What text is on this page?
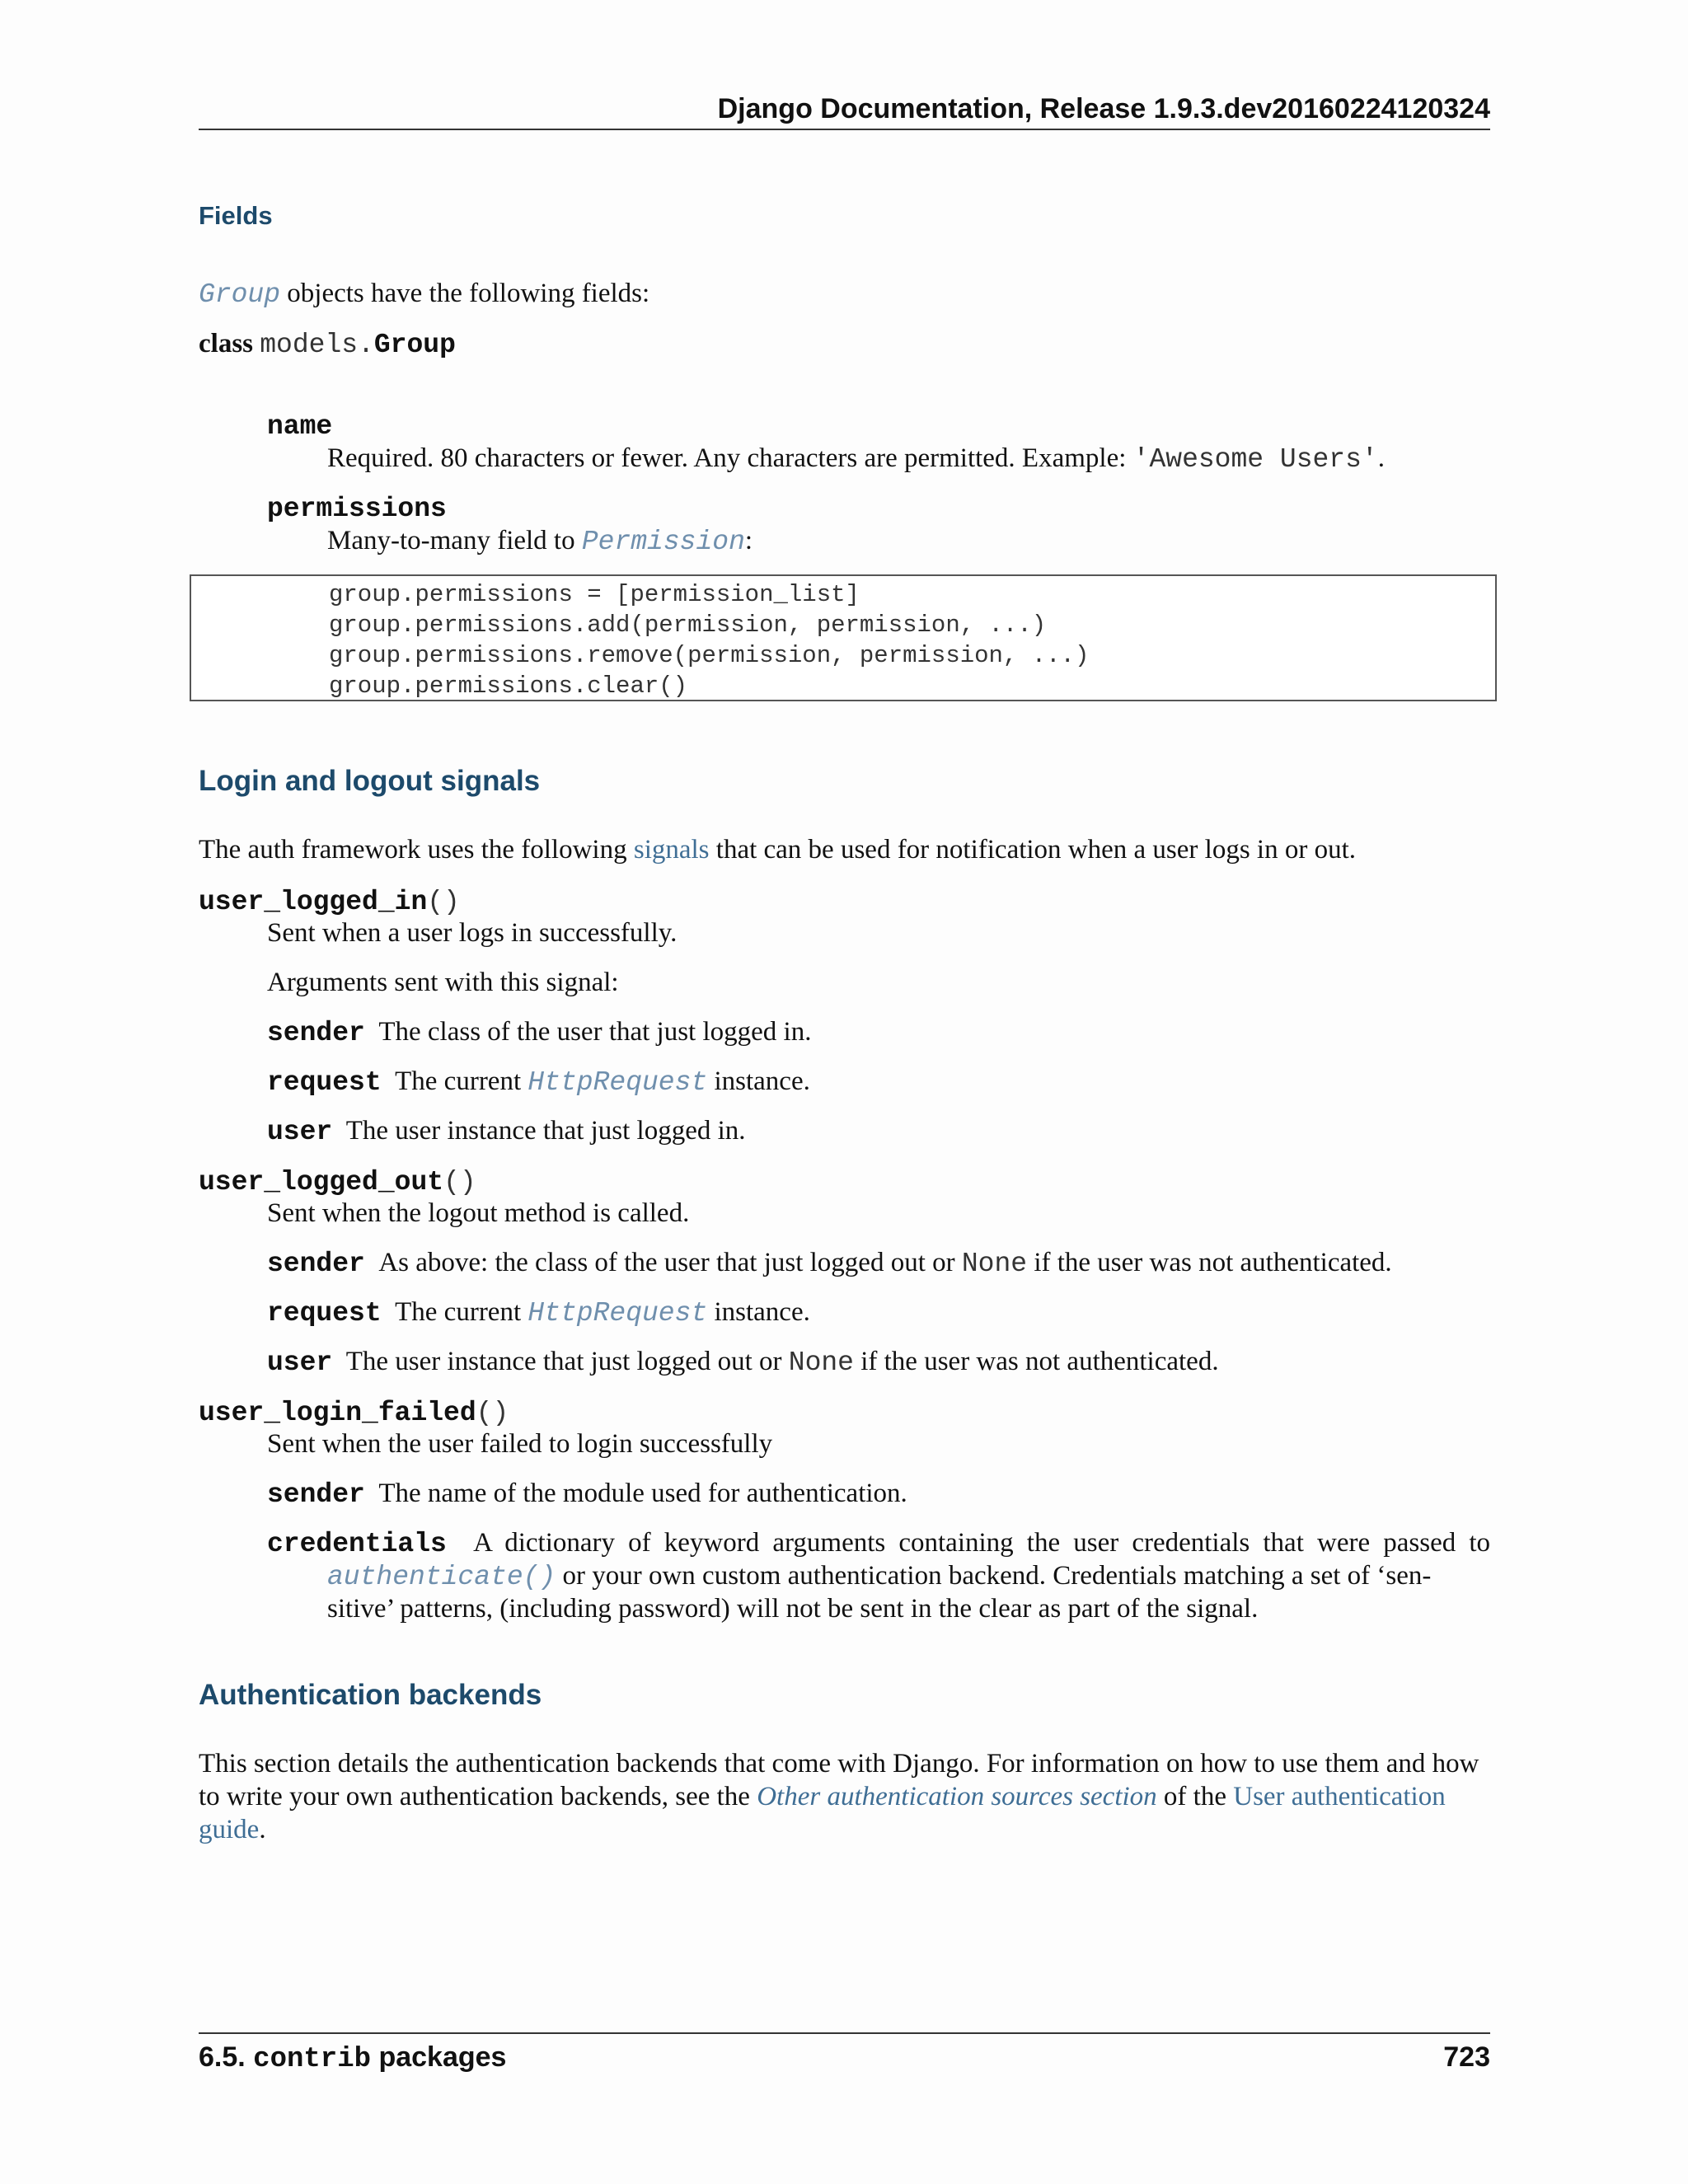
Django Documentation, Release 1.9.3.dev20160224120324
Fields
Group objects have the following fields:
class models.Group
name
Required. 80 characters or fewer. Any characters are permitted. Example: 'Awesome Users'.
permissions
Many-to-many field to Permission:
group.permissions = [permission_list]
group.permissions.add(permission, permission, ...)
group.permissions.remove(permission, permission, ...)
group.permissions.clear()
Login and logout signals
The auth framework uses the following signals that can be used for notification when a user logs in or out.
user_logged_in()
Sent when a user logs in successfully.
Arguments sent with this signal:
sender The class of the user that just logged in.
request The current HttpRequest instance.
user The user instance that just logged in.
user_logged_out()
Sent when the logout method is called.
sender As above: the class of the user that just logged out or None if the user was not authenticated.
request The current HttpRequest instance.
user The user instance that just logged out or None if the user was not authenticated.
user_login_failed()
Sent when the user failed to login successfully
sender The name of the module used for authentication.
credentials A dictionary of keyword arguments containing the user credentials that were passed to
authenticate() or your own custom authentication backend. Credentials matching a set of ‘sen-
sitive’ patterns, (including password) will not be sent in the clear as part of the signal.
Authentication backends
This section details the authentication backends that come with Django. For information on how to use them and how
to write your own authentication backends, see the Other authentication sources section of the User authentication
guide.
6.5. contrib packages	723
